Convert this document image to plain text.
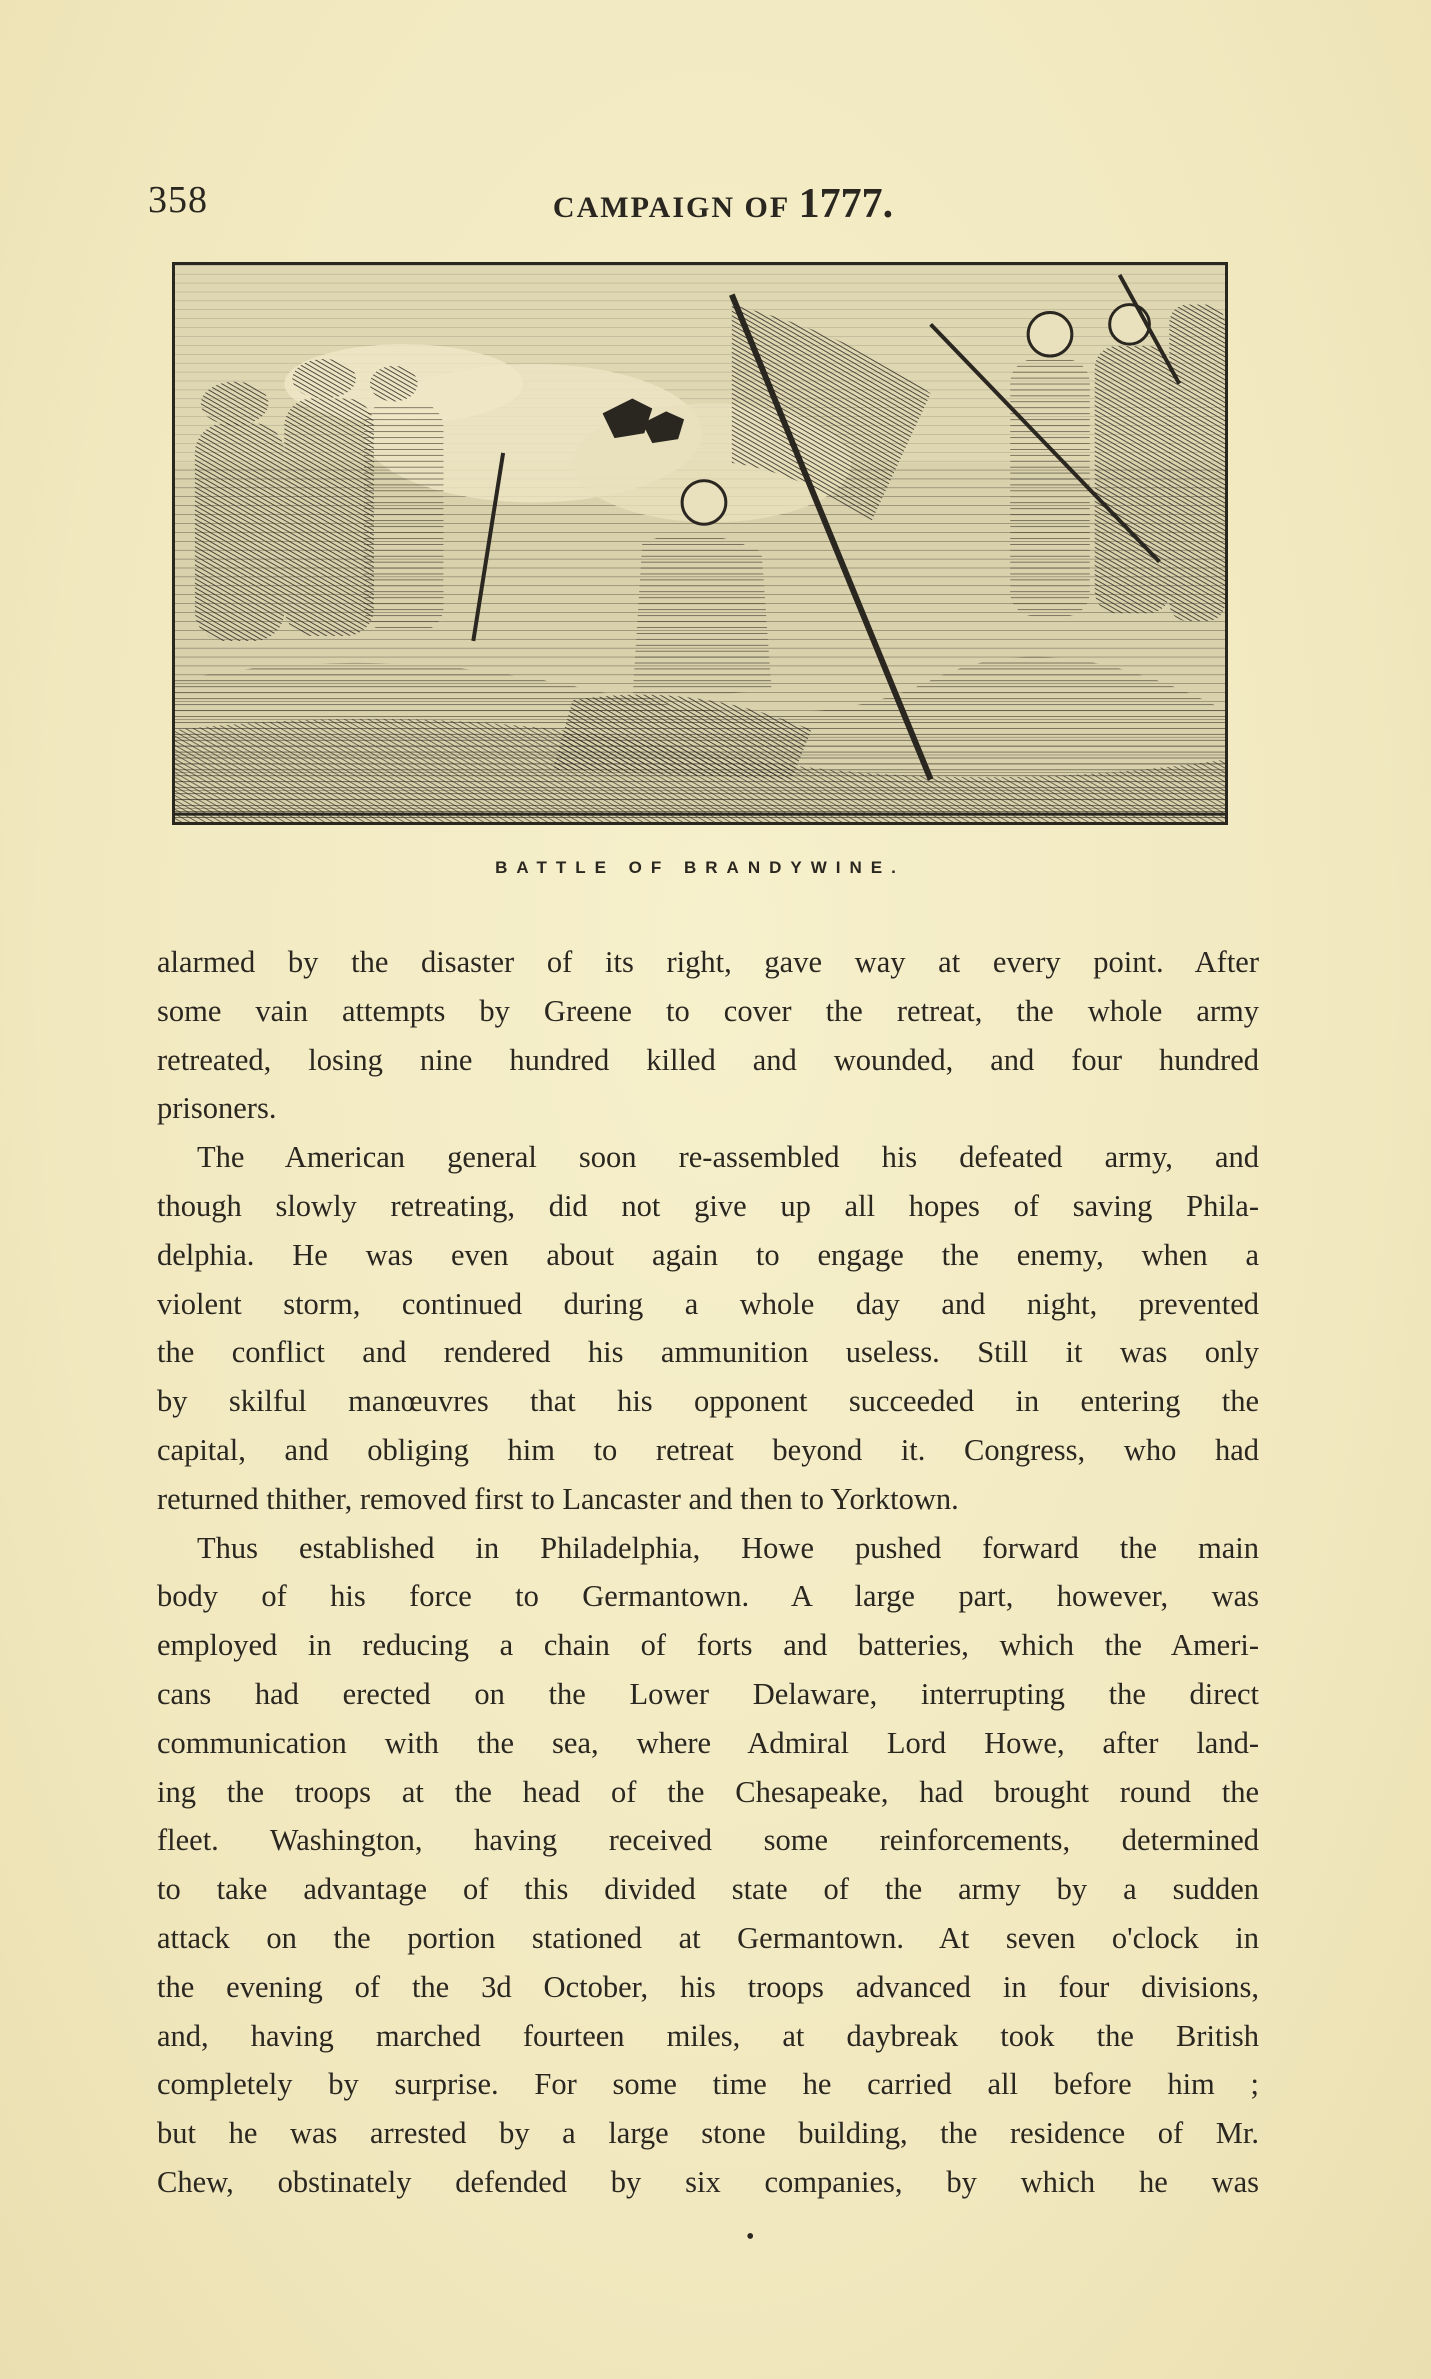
358	CAMPAIGN OF 1777.
BATTLE OF BRANDYWINE.
alarmed by the disaster of its right, gave way at every point. After
some vain attempts by Greene to cover the retreat, the whole army
retreated, losing nine hundred killed and wounded, and four hundred
prisoners.
The American general soon re-assembled his defeated army, and
though slowly retreating, did not give up all hopes of saving Phila-
delphia. He was even about again to engage the enemy, when a
violent storm, continued during a whole day and night, prevented
the conflict and rendered his ammunition useless. Still it was only
by skilful manœuvres that his opponent succeeded in entering the
capital, and obliging him to retreat beyond it. Congress, who had
returned thither, removed first to Lancaster and then to Yorktown.
Thus established in Philadelphia, Howe pushed forward the main
body of his force to Germantown. A large part, however, was
employed in reducing a chain of forts and batteries, which the Ameri-
cans had erected on the Lower Delaware, interrupting the direct
communication with the sea, where Admiral Lord Howe, after land-
ing the troops at the head of the Chesapeake, had brought round the
fleet. Washington, having received some reinforcements, determined
to take advantage of this divided state of the army by a sudden
attack on the portion stationed at Germantown. At seven o'clock in
the evening of the 3d October, his troops advanced in four divisions,
and, having marched fourteen miles, at daybreak took the British
completely by surprise. For some time he carried all before him ;
but he was arrested by a large stone building, the residence of Mr.
Chew, obstinately defended by six companies, by which he was
•
